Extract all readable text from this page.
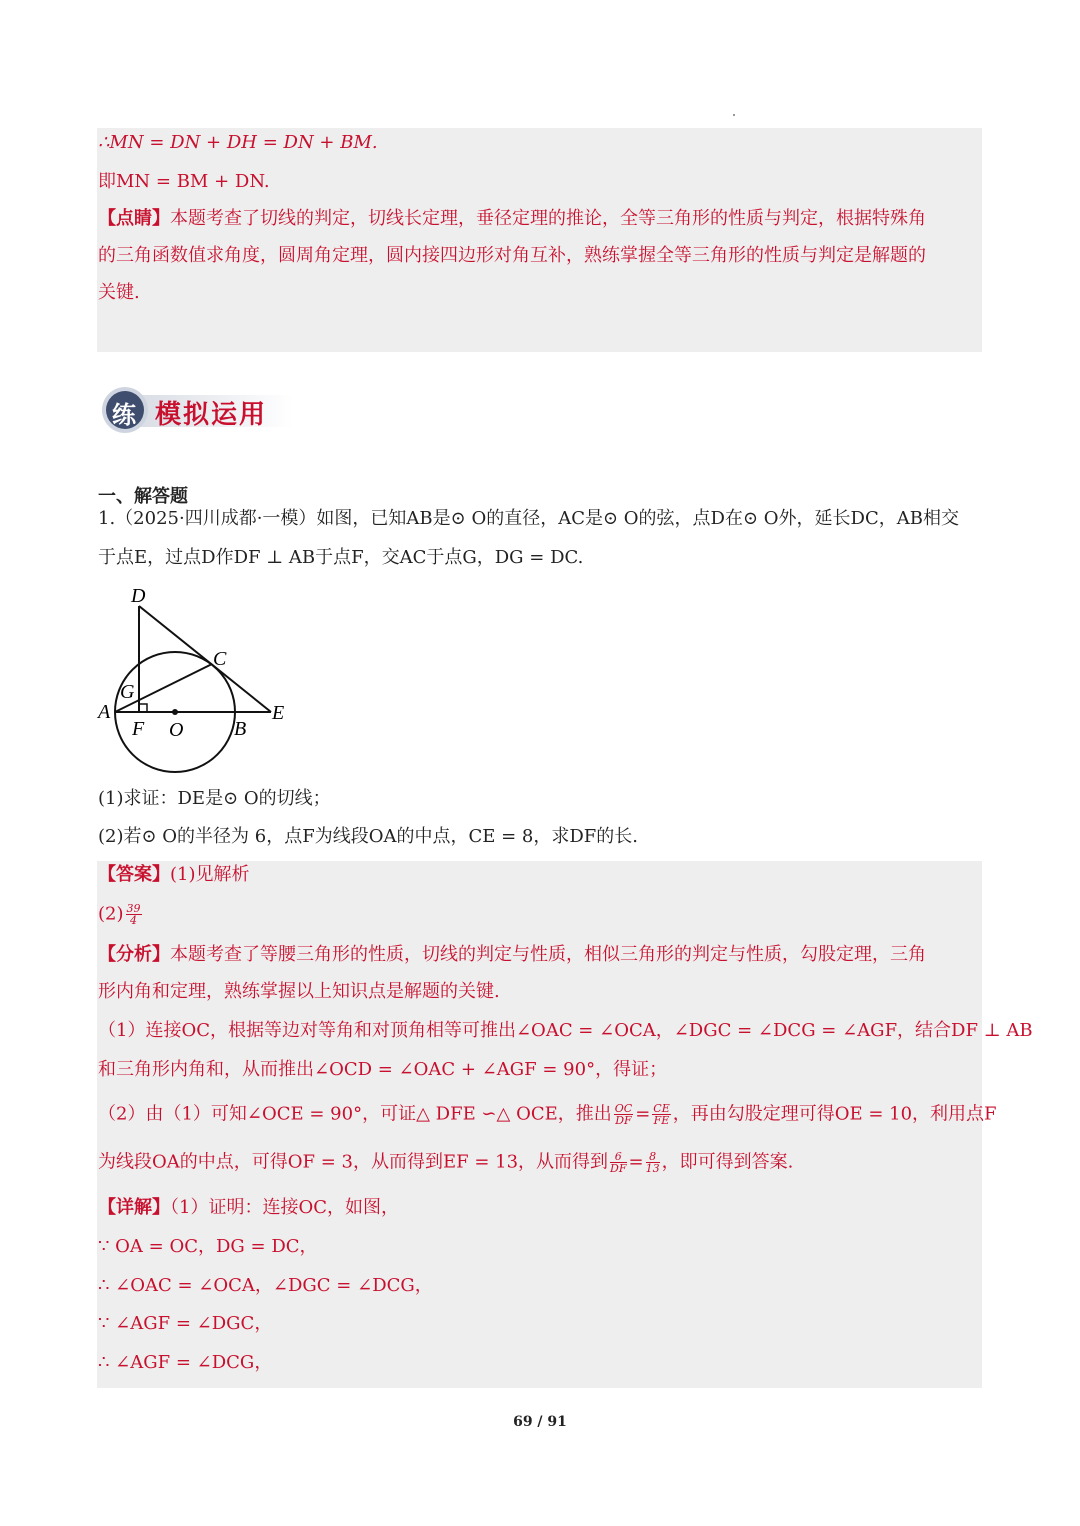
∴MN = DN + DH = DN + BM.
即MN = BM + DN.
【点睛】本题考查了切线的判定，切线长定理，垂径定理的推论，全等三角形的性质与判定，根据特殊角
的三角函数值求角度，圆周角定理，圆内接四边形对角互补，熟练掌握全等三角形的性质与判定是解题的
关键.
练 模拟运用
一、解答题
1.（2025·四川成都·一模）如图，已知AB是⊙ O的直径，AC是⊙ O的弦，点D在⊙ O外，延长DC，AB相交
于点E，过点D作DF ⊥ AB于点F，交AC于点G，DG = DC.
D
C
G
A
F O	B
E
(1)求证：DE是⊙ O的切线；
(2)若⊙ O的半径为 6，点F为线段OA的中点，CE = 8，求DF的长.
【答案】(1)见解析
$(2) \frac{39}{4}$
【分析】本题考查了等腰三角形的性质，切线的判定与性质，相似三角形的判定与性质，勾股定理，三角
形内角和定理，熟练掌握以上知识点是解题的关键.
（1）连接OC，根据等边对等角和对顶角相等可推出∠OAC = ∠OCA，∠DGC = ∠DCG = ∠AGF，结合DF ⊥ AB
和三角形内角和，从而推出∠OCD = ∠OAC + ∠AGF = 90°，得证；
（2）由（1）可知∠OCE = 90°，可证△ DFE ∽△ OCE，推出 $\frac{OC}{DF} = \frac{CE}{FE}$ ，再由勾股定理可得OE = 10，利用点F
为线段OA的中点，可得OF = 3，从而得到EF = 13，从而得到 $\frac{6}{DF} = \frac{8}{13}$ ，即可得到答案.
【详解】（1）证明：连接OC，如图，
∵ OA = OC，DG = DC，
∴ ∠OAC = ∠OCA，∠DGC = ∠DCG，
∵ ∠AGF = ∠DGC，
∴ ∠AGF = ∠DCG，
69 / 91
